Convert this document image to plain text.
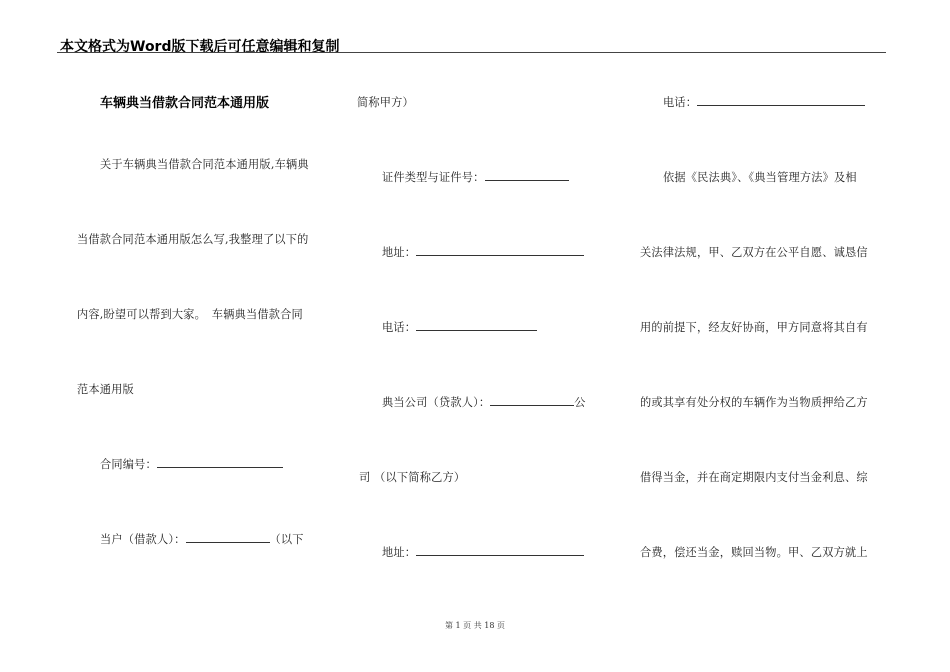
本文格式为Word版下载后可任意编辑和复制
车辆典当借款合同范本通用版
关于车辆典当借款合同范本通用版,车辆典
当借款合同范本通用版怎么写,我整理了以下的
内容,盼望可以帮到大家。　车辆典当借款合同
范本通用版
合同编号：
当户（借款人）：	（以下
简称甲方）
证件类型与证件号：
地址：
电话：
典当公司（贷款人）：	公
司 （以下简称乙方）
地址：
电话：
依据《民法典》、《典当管理方法》及相
关法律法规，甲、乙双方在公平自愿、诚恳信
用的前提下，经友好协商，甲方同意将其自有
的或其享有处分权的车辆作为当物质押给乙方
借得当金，并在商定期限内支付当金利息、综
合费，偿还当金，赎回当物。甲、乙双方就上
第 1 页 共 18 页
